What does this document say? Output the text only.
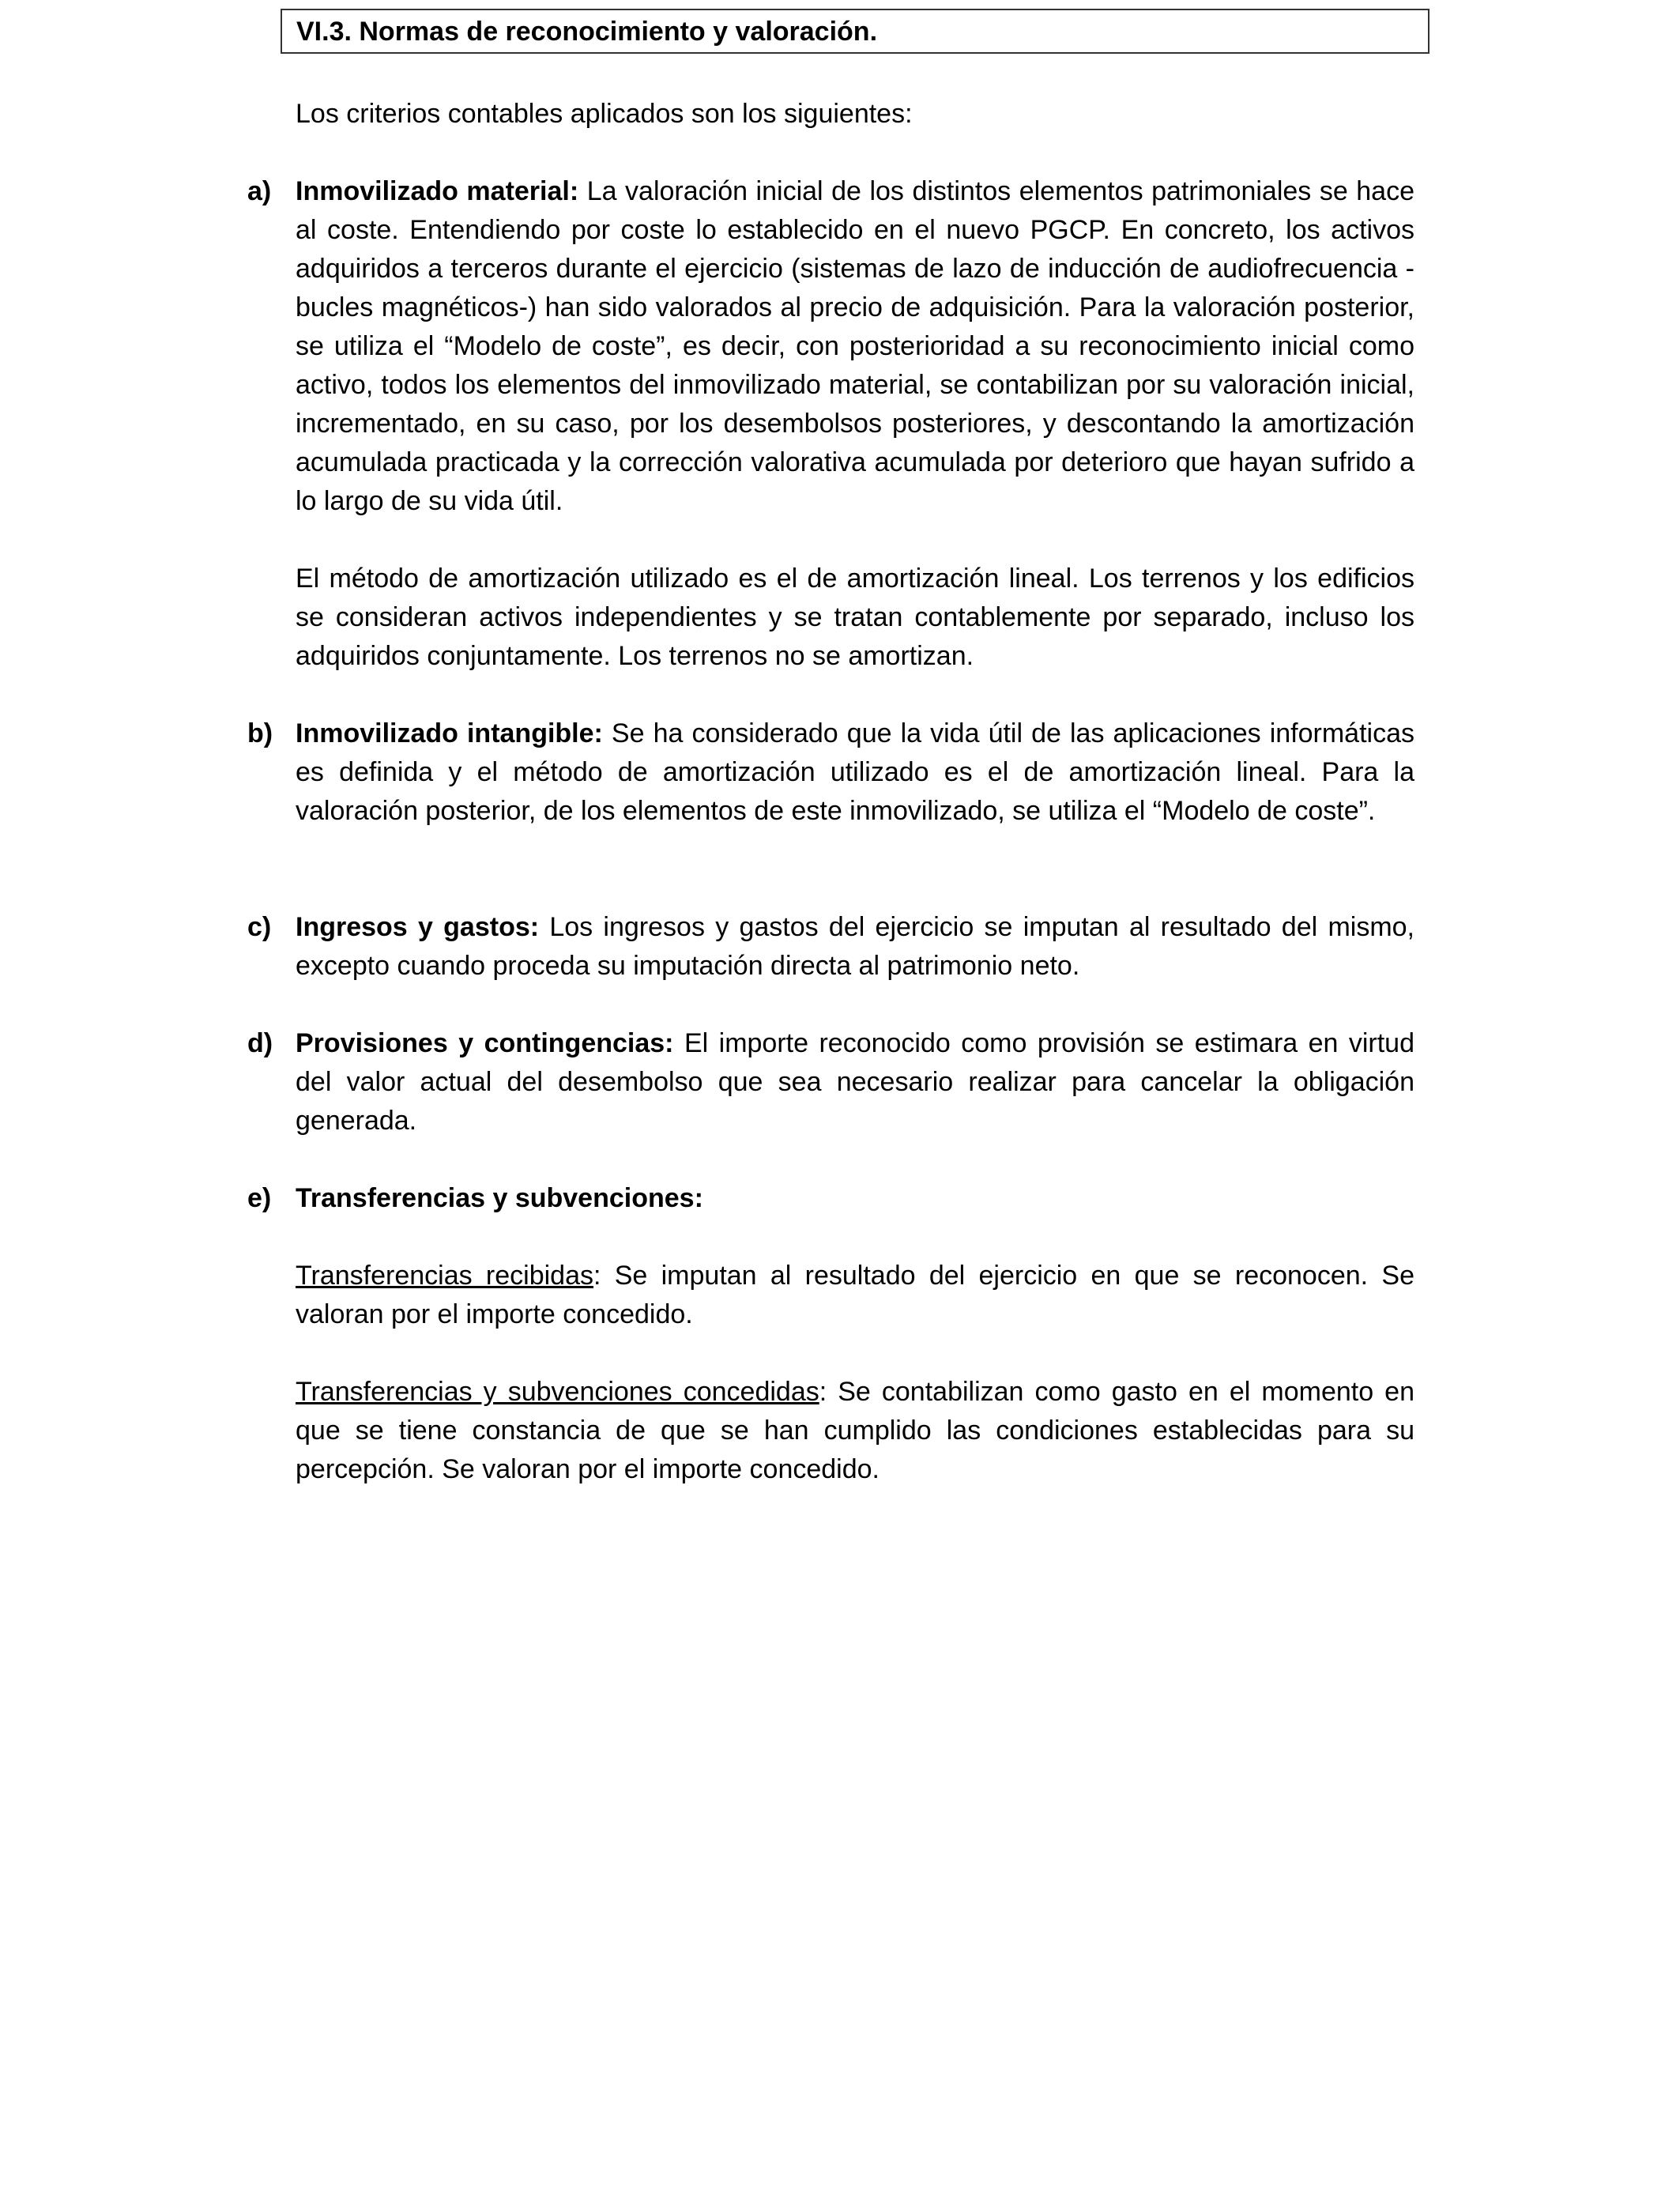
VI.3. Normas de reconocimiento y valoración.

Los criterios contables aplicados son los siguientes:

a) Inmovilizado material: La valoración inicial de los distintos elementos patrimoniales se hace al coste. Entendiendo por coste lo establecido en el nuevo PGCP. En concreto, los activos adquiridos a terceros durante el ejercicio (sistemas de lazo de inducción de audiofrecuencia -bucles magnéticos-) han sido valorados al precio de adquisición. Para la valoración posterior, se utiliza el “Modelo de coste”, es decir, con posterioridad a su reconocimiento inicial como activo, todos los elementos del inmovilizado material, se contabilizan por su valoración inicial, incrementado, en su caso, por los desembolsos posteriores, y descontando la amortización acumulada practicada y la corrección valorativa acumulada por deterioro que hayan sufrido a lo largo de su vida útil.

El método de amortización utilizado es el de amortización lineal. Los terrenos y los edificios se consideran activos independientes y se tratan contablemente por separado, incluso los adquiridos conjuntamente. Los terrenos no se amortizan.

b) Inmovilizado intangible: Se ha considerado que la vida útil de las aplicaciones informáticas es definida y el método de amortización utilizado es el de amortización lineal. Para la valoración posterior, de los elementos de este inmovilizado, se utiliza el “Modelo de coste”.

c) Ingresos y gastos: Los ingresos y gastos del ejercicio se imputan al resultado del mismo, excepto cuando proceda su imputación directa al patrimonio neto.

d) Provisiones y contingencias: El importe reconocido como provisión se estimara en virtud del valor actual del desembolso que sea necesario realizar para cancelar la obligación generada.

e) Transferencias y subvenciones:

Transferencias recibidas: Se imputan al resultado del ejercicio en que se reconocen. Se valoran por el importe concedido.

Transferencias y subvenciones concedidas: Se contabilizan como gasto en el momento en que se tiene constancia de que se han cumplido las condiciones establecidas para su percepción. Se valoran por el importe concedido.
